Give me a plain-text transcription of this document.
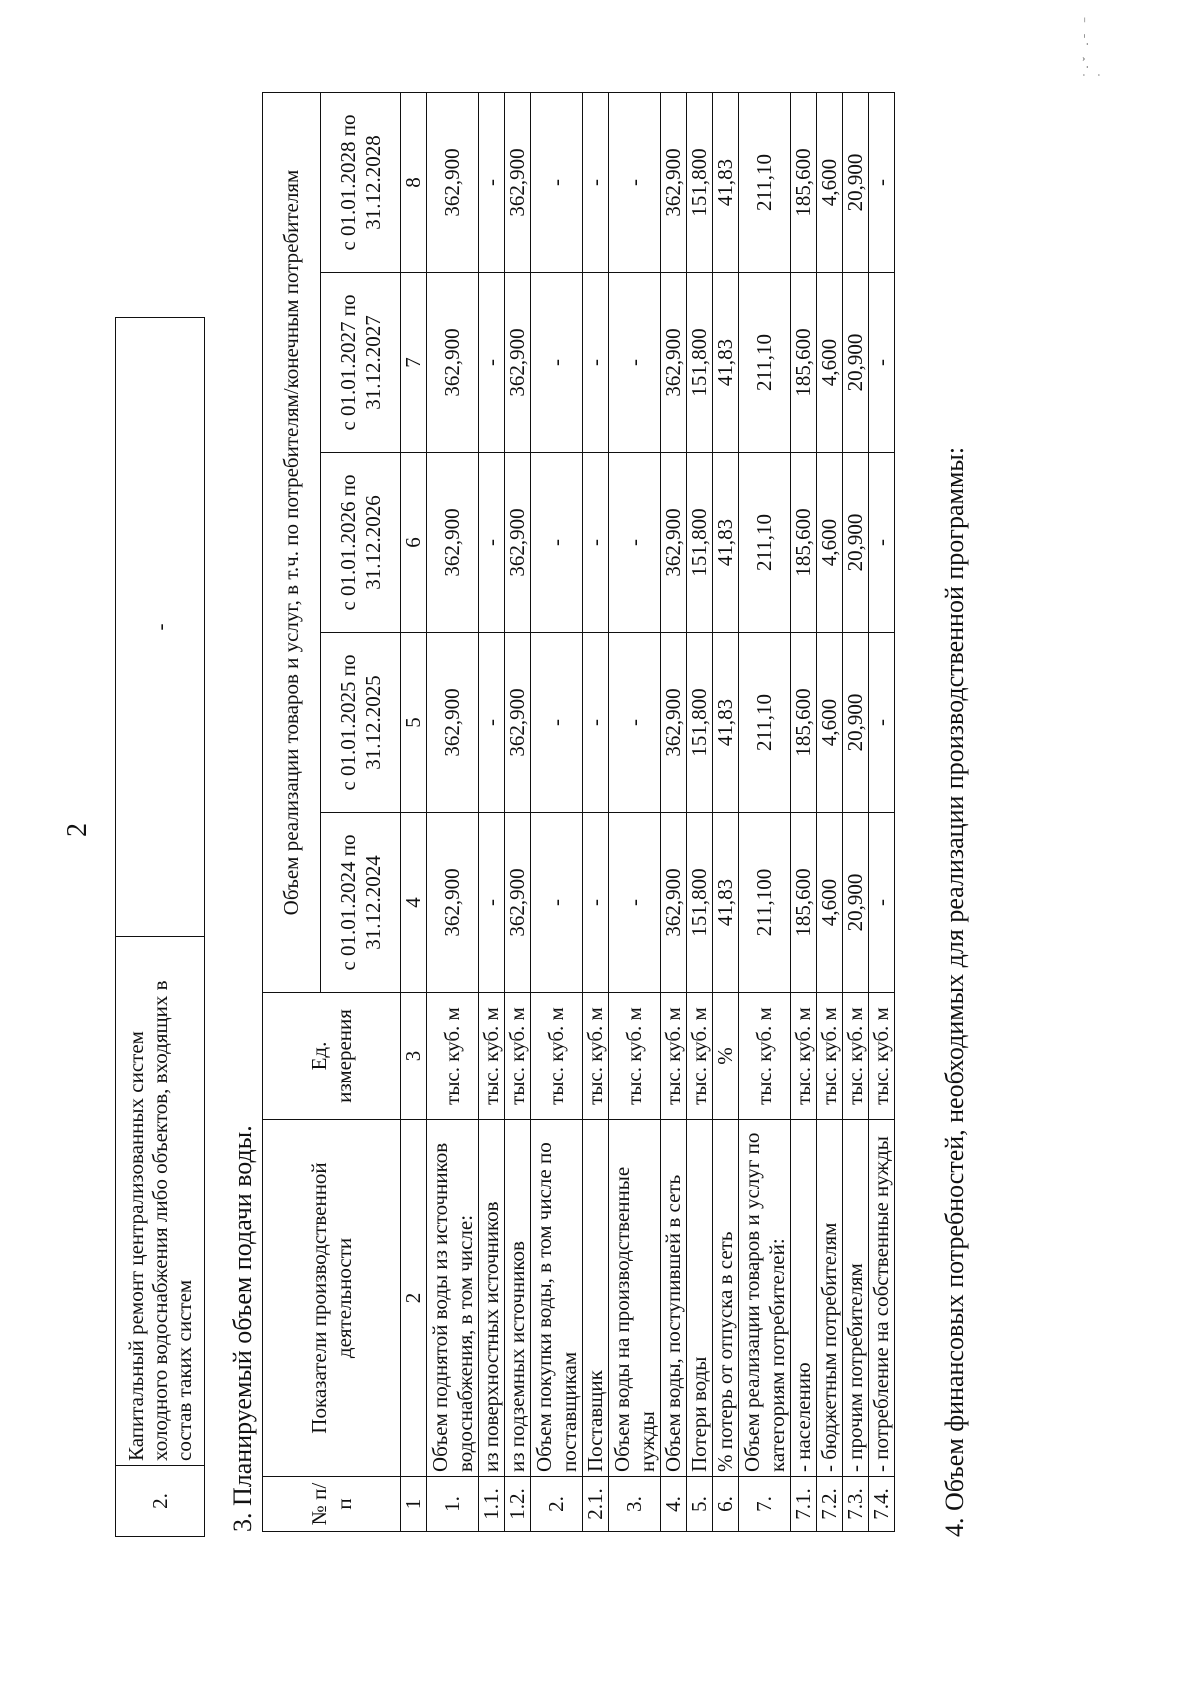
2
˙·ˇ ·ˉ ⁻ ˙
2.	Капитальный ремонт централизованных систем холодного водоснабжения либо объектов, входящих в состав таких систем	-
3. Планируемый объем подачи воды. № п/п	Показатели производственной деятельности	Ед. измерения	Объем реализации товаров и услуг, в т.ч. по потребителям/конечным потребителям				
			с 01.01.2024 по 31.12.2024	с 01.01.2025 по 31.12.2025	с 01.01.2026 по 31.12.2026	с 01.01.2027 по 31.12.2027	с 01.01.2028 по 31.12.2028
1	2	3	4	5	6	7	8
1.	Объем поднятой воды из источников водоснабжения, в том числе:	тыс. куб. м	362,900	362,900	362,900	362,900	362,900
1.1.	из поверхностных источников	тыс. куб. м	-	-	-	-	-
1.2.	из подземных источников	тыс. куб. м	362,900	362,900	362,900	362,900	362,900
2.	Объем покупки воды, в том числе по поставщикам	тыс. куб. м	-	-	-	-	-
2.1.	Поставщик	тыс. куб. м	-	-	-	-	-
3.	Объем воды на производственные нужды	тыс. куб. м	-	-	-	-	-
4.	Объем воды, поступившей в сеть	тыс. куб. м	362,900	362,900	362,900	362,900	362,900
5.	Потери воды	тыс. куб. м	151,800	151,800	151,800	151,800	151,800
6.	% потерь от отпуска в сеть	%	41,83	41,83	41,83	41,83	41,83
7.	Объем реализации товаров и услуг по категориям потребителей:	тыс. куб. м	211,100	211,10	211,10	211,10	211,10
7.1.	- населению	тыс. куб. м	185,600	185,600	185,600	185,600	185,600
7.2.	- бюджетным потребителям	тыс. куб. м	4,600	4,600	4,600	4,600	4,600
7.3.	- прочим потребителям	тыс. куб. м	20,900	20,900	20,900	20,900	20,900
7.4.	- потребление на собственные нужды	тыс. куб. м	-	-	-	-	-
4. Объем финансовых потребностей, необходимых для реализации производственной программы:
